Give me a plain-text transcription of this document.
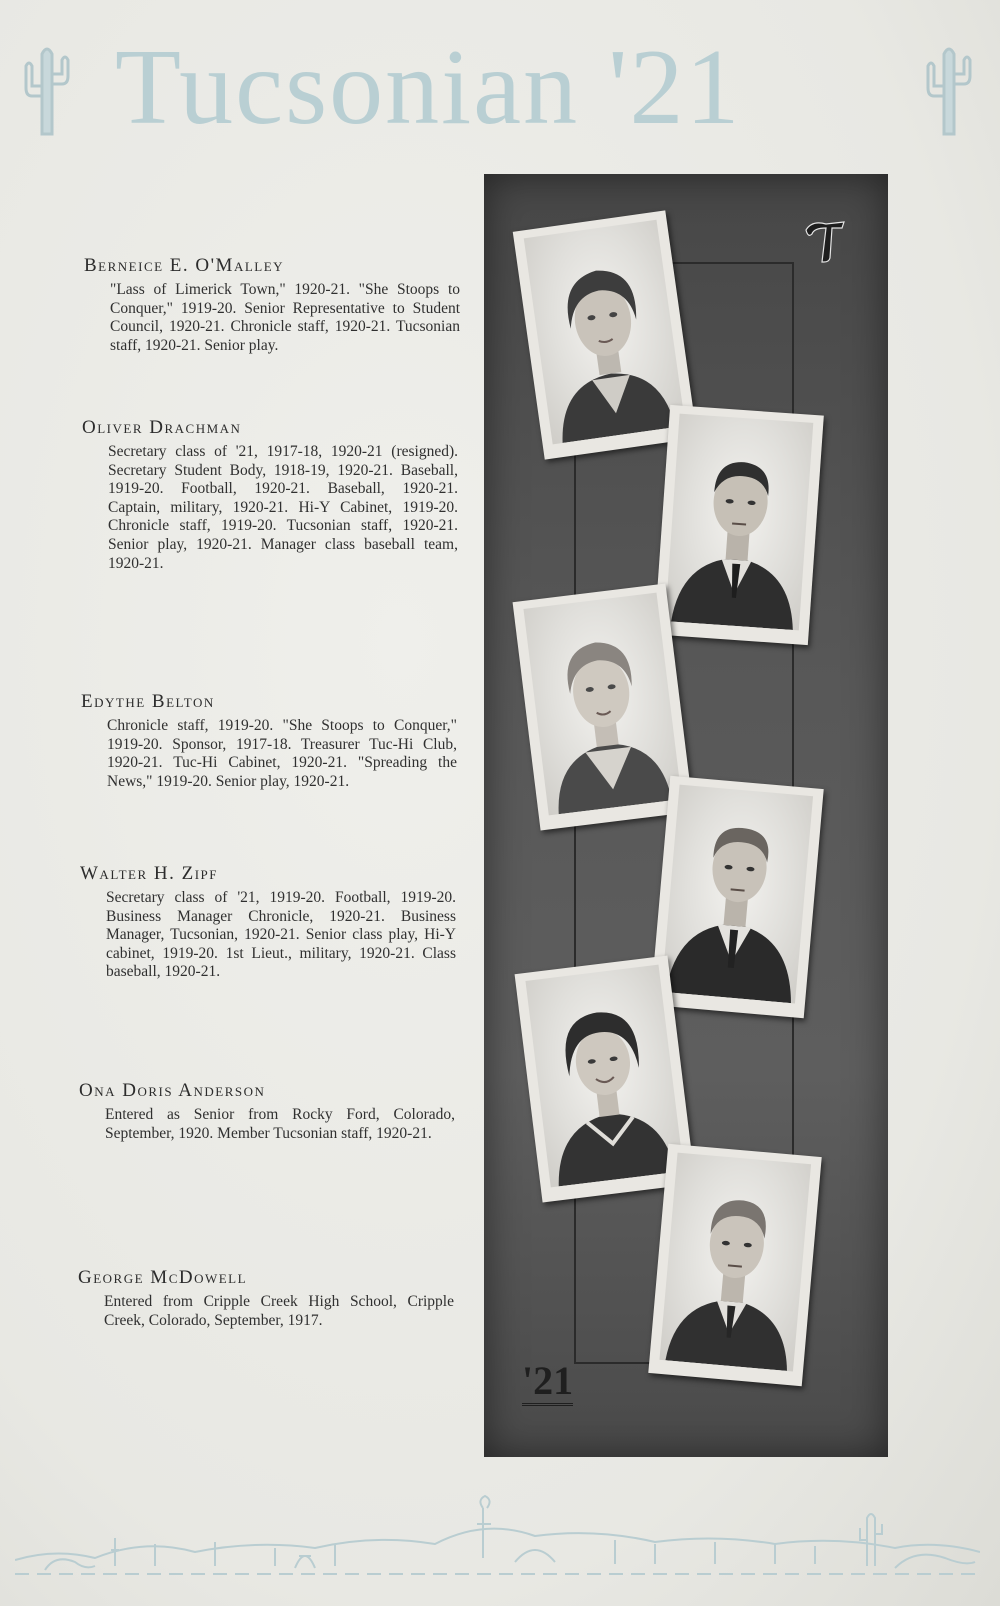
Tucsonian '21
Berneice E. O'Malley

"Lass of Limerick Town," 1920-21. "She Stoops to Conquer," 1919-20. Senior Representative to Student Council, 1920-21. Chronicle staff, 1920-21. Tucsonian staff, 1920-21. Senior play.

Oliver Drachman

Secretary class of '21, 1917-18, 1920-21 (resigned). Secretary Student Body, 1918-19, 1920-21. Baseball, 1919-20. Football, 1920-21. Baseball, 1920-21. Captain, military, 1920-21. Hi-Y Cabinet, 1919-20. Chronicle staff, 1919-20. Tucsonian staff, 1920-21. Senior play, 1920-21. Manager class baseball team, 1920-21.

Edythe Belton

Chronicle staff, 1919-20. "She Stoops to Conquer," 1919-20. Sponsor, 1917-18. Treasurer Tuc-Hi Club, 1920-21. Tuc-Hi Cabinet, 1920-21. "Spreading the News," 1919-20. Senior play, 1920-21.

Walter H. Zipf

Secretary class of '21, 1919-20. Football, 1919-20. Business Manager Chronicle, 1920-21. Business Manager, Tucsonian, 1920-21. Senior class play, Hi-Y cabinet, 1919-20. 1st Lieut., military, 1920-21. Class baseball, 1920-21.

Ona Doris Anderson

Entered as Senior from Rocky Ford, Colorado, September, 1920. Member Tucsonian staff, 1920-21.

George McDowell

Entered from Cripple Creek High School, Cripple Creek, Colorado, September, 1917.

'21
